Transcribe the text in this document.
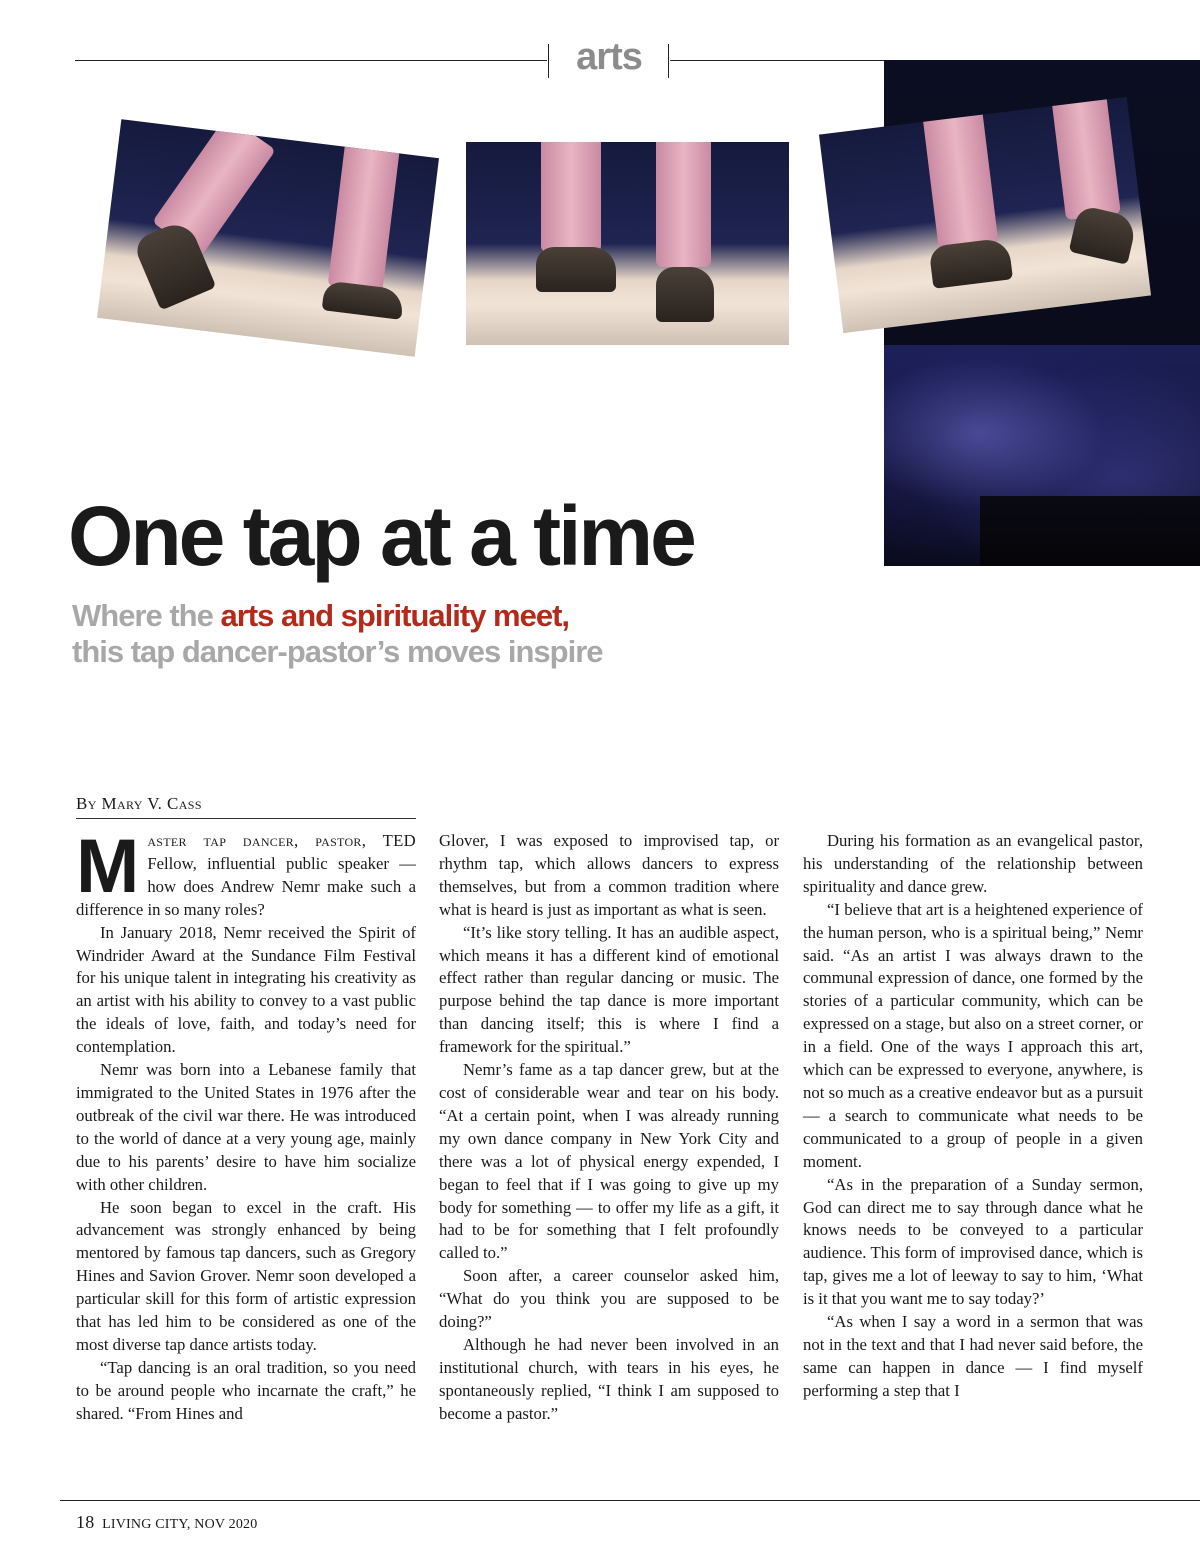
arts
One tap at a time

Where the arts and spirituality meet,
this tap dancer-pastor’s moves inspire

By Mary V. Cass

Master tap dancer, pastor, TED Fellow, influential public speaker — how does Andrew Nemr make such a difference in so many roles?

In January 2018, Nemr received the Spirit of Windrider Award at the Sundance Film Festival for his unique talent in integrating his creativity as an artist with his ability to convey to a vast public the ideals of love, faith, and today’s need for contemplation.

Nemr was born into a Lebanese family that immigrated to the United States in 1976 after the outbreak of the civil war there. He was introduced to the world of dance at a very young age, mainly due to his parents’ desire to have him socialize with other children.

He soon began to excel in the craft. His advancement was strongly enhanced by being mentored by famous tap dancers, such as Gregory Hines and Savion Grover. Nemr soon developed a particular skill for this form of artistic expression that has led him to be considered as one of the most diverse tap dance artists today.

“Tap dancing is an oral tradition, so you need to be around people who incarnate the craft,” he shared. “From Hines and

Glover, I was exposed to improvised tap, or rhythm tap, which allows dancers to express themselves, but from a common tradition where what is heard is just as important as what is seen.

“It’s like story telling. It has an audible aspect, which means it has a different kind of emotional effect rather than regular dancing or music. The purpose behind the tap dance is more important than dancing itself; this is where I find a framework for the spiritual.”

Nemr’s fame as a tap dancer grew, but at the cost of considerable wear and tear on his body. “At a certain point, when I was already running my own dance company in New York City and there was a lot of physical energy expended, I began to feel that if I was going to give up my body for something — to offer my life as a gift, it had to be for something that I felt profoundly called to.”

Soon after, a career counselor asked him, “What do you think you are supposed to be doing?”

Although he had never been involved in an institutional church, with tears in his eyes, he spontaneously replied, “I think I am supposed to become a pastor.”

During his formation as an evangelical pastor, his understanding of the relationship between spirituality and dance grew.

“I believe that art is a heightened experience of the human person, who is a spiritual being,” Nemr said. “As an artist I was always drawn to the communal expression of dance, one formed by the stories of a particular community, which can be expressed on a stage, but also on a street corner, or in a field. One of the ways I approach this art, which can be expressed to everyone, anywhere, is not so much as a creative endeavor but as a pursuit — a search to communicate what needs to be communicated to a group of people in a given moment.

“As in the preparation of a Sunday sermon, God can direct me to say through dance what he knows needs to be conveyed to a particular audience. This form of improvised dance, which is tap, gives me a lot of leeway to say to him, ‘What is it that you want me to say today?’

“As when I say a word in a sermon that was not in the text and that I had never said before, the same can happen in dance — I find myself performing a step that I

18 LIVING CITY, NOV 2020
